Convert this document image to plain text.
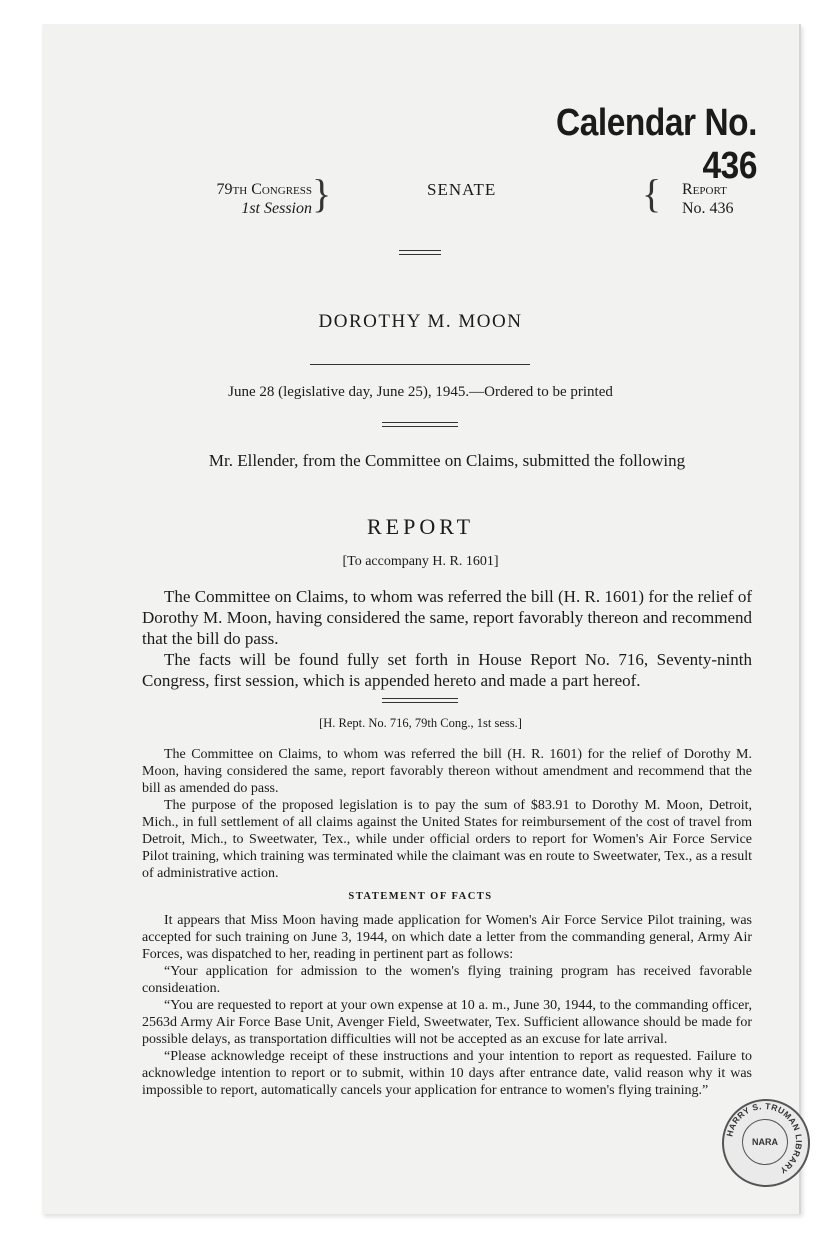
Calendar No. 436
79th Congress
1st Session }	SENATE	{ Report
No. 436
DOROTHY M. MOON
June 28 (legislative day, June 25), 1945.—Ordered to be printed
Mr. Ellender, from the Committee on Claims, submitted the following
REPORT
[To accompany H. R. 1601]

The Committee on Claims, to whom was referred the bill (H. R. 1601) for the relief of Dorothy M. Moon, having considered the same, report favorably thereon and recommend that the bill do pass.

The facts will be found fully set forth in House Report No. 716, Seventy-ninth Congress, first session, which is appended hereto and made a part hereof.

[H. Rept. No. 716, 79th Cong., 1st sess.]

The Committee on Claims, to whom was referred the bill (H. R. 1601) for the relief of Dorothy M. Moon, having considered the same, report favorably thereon without amendment and recommend that the bill as amended do pass.

The purpose of the proposed legislation is to pay the sum of $83.91 to Dorothy M. Moon, Detroit, Mich., in full settlement of all claims against the United States for reimbursement of the cost of travel from Detroit, Mich., to Sweetwater, Tex., while under official orders to report for Women's Air Force Service Pilot training, which training was terminated while the claimant was en route to Sweetwater, Tex., as a result of administrative action.

STATEMENT OF FACTS

It appears that Miss Moon having made application for Women's Air Force Service Pilot training, was accepted for such training on June 3, 1944, on which date a letter from the commanding general, Army Air Forces, was dispatched to her, reading in pertinent part as follows:

“Your application for admission to the women's flying training program has received favorable consideıation.

“You are requested to report at your own expense at 10 a. m., June 30, 1944, to the commanding officer, 2563d Army Air Force Base Unit, Avenger Field, Sweetwater, Tex. Sufficient allowance should be made for possible delays, as transportation difficulties will not be accepted as an excuse for late arrival.

“Please acknowledge receipt of these instructions and your intention to report as requested. Failure to acknowledge intention to report or to submit, within 10 days after entrance date, valid reason why it was impossible to report, automatically cancels your application for entrance to women's flying training.”

HARRY S. TRUMAN LIBRARY
NARA
